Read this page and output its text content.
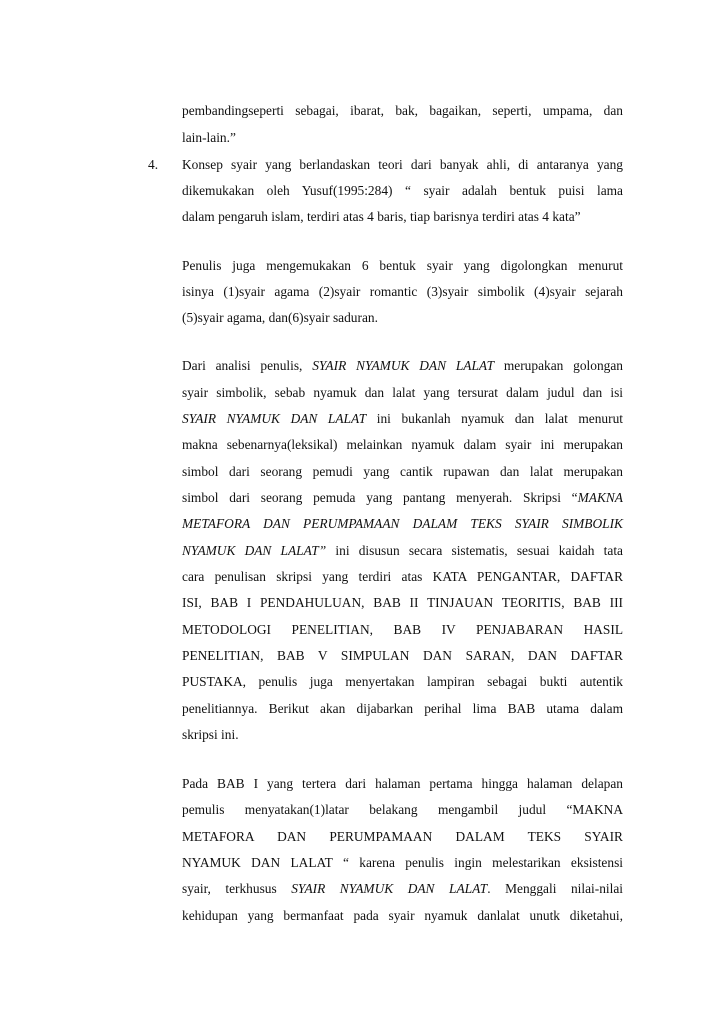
pembandingseperti sebagai, ibarat, bak, bagaikan, seperti, umpama, dan
lain-lain.”
4. Konsep syair yang berlandaskan teori dari banyak ahli, di antaranya yang
dikemukakan oleh Yusuf(1995:284) “ syair adalah bentuk puisi lama
dalam pengaruh islam, terdiri atas 4 baris, tiap barisnya terdiri atas 4 kata”
Penulis juga mengemukakan 6 bentuk syair yang digolongkan menurut
isinya (1)syair agama (2)syair romantic (3)syair simbolik (4)syair sejarah
(5)syair agama, dan(6)syair saduran.
Dari analisi penulis, SYAIR NYAMUK DAN LALAT merupakan golongan
syair simbolik, sebab nyamuk dan lalat yang tersurat dalam judul dan isi
SYAIR NYAMUK DAN LALAT ini bukanlah nyamuk dan lalat menurut
makna sebenarnya(leksikal) melainkan nyamuk dalam syair ini merupakan
simbol dari seorang pemudi yang cantik rupawan dan lalat merupakan
simbol dari seorang pemuda yang pantang menyerah. Skripsi “MAKNA
METAFORA DAN PERUMPAMAAN DALAM TEKS SYAIR SIMBOLIK
NYAMUK DAN LALAT” ini disusun secara sistematis, sesuai kaidah tata
cara penulisan skripsi yang terdiri atas KATA PENGANTAR, DAFTAR
ISI, BAB I PENDAHULUAN, BAB II TINJAUAN TEORITIS, BAB III
METODOLOGI PENELITIAN, BAB IV PENJABARAN HASIL
PENELITIAN, BAB V SIMPULAN DAN SARAN, DAN DAFTAR
PUSTAKA, penulis juga menyertakan lampiran sebagai bukti autentik
penelitiannya. Berikut akan dijabarkan perihal lima BAB utama dalam
skripsi ini.
Pada BAB I yang tertera dari halaman pertama hingga halaman delapan
pemulis menyatakan(1)latar belakang mengambil judul “MAKNA
METAFORA DAN PERUMPAMAAN DALAM TEKS SYAIR
NYAMUK DAN LALAT “ karena penulis ingin melestarikan eksistensi
syair, terkhusus SYAIR NYAMUK DAN LALAT. Menggali nilai-nilai
kehidupan yang bermanfaat pada syair nyamuk danlalat unutk diketahui,
